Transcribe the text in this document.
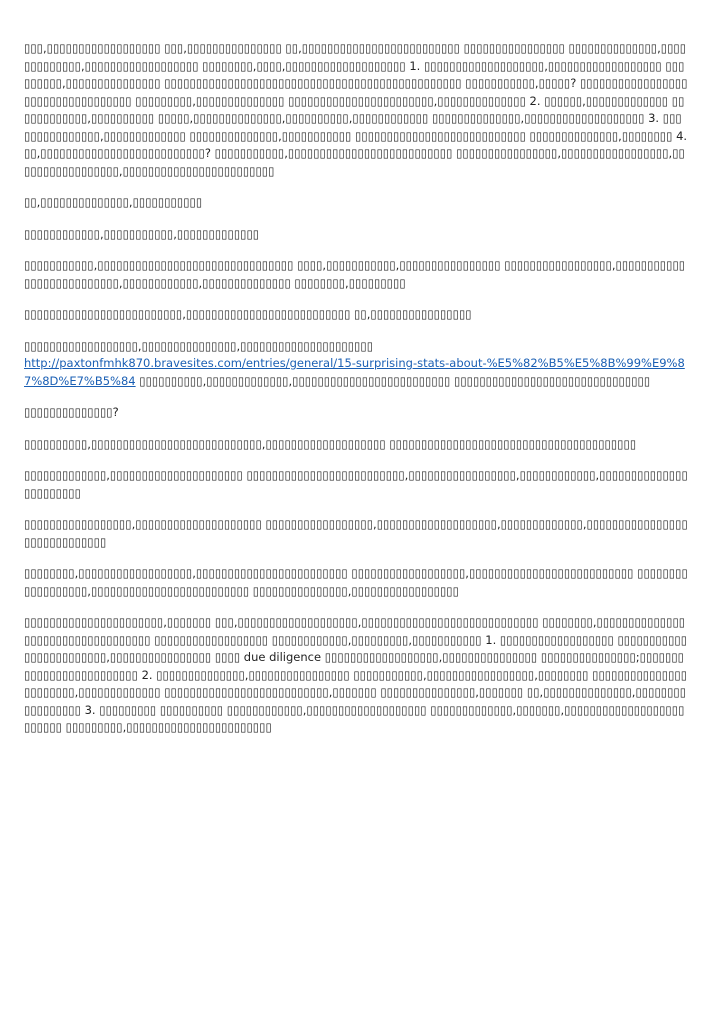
▯▯▯,▯▯▯▯▯▯▯▯▯▯▯▯▯▯▯▯▯▯ ▯▯▯,▯▯▯▯▯▯▯▯▯▯▯▯▯▯▯ ▯▯,▯▯▯▯▯▯▯▯▯▯▯▯▯▯▯▯▯▯▯▯▯▯▯▯▯ ▯▯▯▯▯▯▯▯▯▯▯▯▯▯▯▯ ▯▯▯▯▯▯▯▯▯▯▯▯▯▯,▯▯▯▯▯▯▯▯▯▯▯▯▯,▯▯▯▯▯▯▯▯▯▯▯▯▯▯▯▯▯▯ ▯▯▯▯▯▯▯▯,▯▯▯▯,▯▯▯▯▯▯▯▯▯▯▯▯▯▯▯▯▯▯▯ 1. ▯▯▯▯▯▯▯▯▯▯▯▯▯▯▯▯▯▯▯,▯▯▯▯▯▯▯▯▯▯▯▯▯▯▯▯▯▯ ▯▯▯▯▯▯▯▯▯,▯▯▯▯▯▯▯▯▯▯▯▯▯▯▯ ▯▯▯▯▯▯▯▯▯▯▯▯▯▯▯▯▯▯▯▯▯▯▯▯▯▯▯▯▯▯▯▯▯▯▯▯▯▯▯▯▯▯▯▯▯▯▯ ▯▯▯▯▯▯▯▯▯▯▯,▯▯▯▯▯? ▯▯▯▯▯▯▯▯▯▯▯▯▯▯▯▯▯▯▯▯▯▯▯▯▯▯▯▯▯▯▯▯▯▯ ▯▯▯▯▯▯▯▯▯,▯▯▯▯▯▯▯▯▯▯▯▯▯▯ ▯▯▯▯▯▯▯▯▯▯▯▯▯▯▯▯▯▯▯▯▯▯▯,▯▯▯▯▯▯▯▯▯▯▯▯▯▯ 2. ▯▯▯▯▯▯,▯▯▯▯▯▯▯▯▯▯▯▯▯ ▯▯▯▯▯▯▯▯▯▯▯▯,▯▯▯▯▯▯▯▯▯▯ ▯▯▯▯▯,▯▯▯▯▯▯▯▯▯▯▯▯▯▯,▯▯▯▯▯▯▯▯▯▯,▯▯▯▯▯▯▯▯▯▯▯▯ ▯▯▯▯▯▯▯▯▯▯▯▯▯▯,▯▯▯▯▯▯▯▯▯▯▯▯▯▯▯▯▯▯▯ 3. ▯▯▯▯▯▯▯▯▯▯▯▯▯▯▯,▯▯▯▯▯▯▯▯▯▯▯▯▯ ▯▯▯▯▯▯▯▯▯▯▯▯▯▯,▯▯▯▯▯▯▯▯▯▯▯ ▯▯▯▯▯▯▯▯▯▯▯▯▯▯▯▯▯▯▯▯▯▯▯▯▯▯▯ ▯▯▯▯▯▯▯▯▯▯▯▯▯▯,▯▯▯▯▯▯▯▯ 4. ▯▯,▯▯▯▯▯▯▯▯▯▯▯▯▯▯▯▯▯▯▯▯▯▯▯▯▯▯? ▯▯▯▯▯▯▯▯▯▯▯,▯▯▯▯▯▯▯▯▯▯▯▯▯▯▯▯▯▯▯▯▯▯▯▯▯▯ ▯▯▯▯▯▯▯▯▯▯▯▯▯▯▯▯,▯▯▯▯▯▯▯▯▯▯▯▯▯▯▯▯▯,▯▯▯▯▯▯▯▯▯▯▯▯▯▯▯▯▯,▯▯▯▯▯▯▯▯▯▯▯▯▯▯▯▯▯▯▯▯▯▯▯▯

▯▯,▯▯▯▯▯▯▯▯▯▯▯▯▯▯,▯▯▯▯▯▯▯▯▯▯▯

▯▯▯▯▯▯▯▯▯▯▯▯,▯▯▯▯▯▯▯▯▯▯▯,▯▯▯▯▯▯▯▯▯▯▯▯▯

▯▯▯▯▯▯▯▯▯▯▯,▯▯▯▯▯▯▯▯▯▯▯▯▯▯▯▯▯▯▯▯▯▯▯▯▯▯▯▯▯▯▯ ▯▯▯▯,▯▯▯▯▯▯▯▯▯▯▯,▯▯▯▯▯▯▯▯▯▯▯▯▯▯▯▯ ▯▯▯▯▯▯▯▯▯▯▯▯▯▯▯▯▯,▯▯▯▯▯▯▯▯▯▯▯▯▯▯▯▯▯▯▯▯▯▯▯▯▯▯,▯▯▯▯▯▯▯▯▯▯▯▯,▯▯▯▯▯▯▯▯▯▯▯▯▯▯ ▯▯▯▯▯▯▯▯,▯▯▯▯▯▯▯▯▯

▯▯▯▯▯▯▯▯▯▯▯▯▯▯▯▯▯▯▯▯▯▯▯▯▯,▯▯▯▯▯▯▯▯▯▯▯▯▯▯▯▯▯▯▯▯▯▯▯▯▯▯ ▯▯,▯▯▯▯▯▯▯▯▯▯▯▯▯▯▯▯

▯▯▯▯▯▯▯▯▯▯▯▯▯▯▯▯▯▯,▯▯▯▯▯▯▯▯▯▯▯▯▯▯▯,▯▯▯▯▯▯▯▯▯▯▯▯▯▯▯▯▯▯▯▯▯
http://paxtonfmhk870.bravesites.com/entries/general/15-surprising-stats-about-%E5%82%B5%E5%8B%99%E9%87%8D%E7%B5%84 ▯▯▯▯▯▯▯▯▯▯,▯▯▯▯▯▯▯▯▯▯▯▯▯,▯▯▯▯▯▯▯▯▯▯▯▯▯▯▯▯▯▯▯▯▯▯▯▯▯ ▯▯▯▯▯▯▯▯▯▯▯▯▯▯▯▯▯▯▯▯▯▯▯▯▯▯▯▯▯▯▯

▯▯▯▯▯▯▯▯▯▯▯▯▯▯?

▯▯▯▯▯▯▯▯▯▯,▯▯▯▯▯▯▯▯▯▯▯▯▯▯▯▯▯▯▯▯▯▯▯▯▯▯▯,▯▯▯▯▯▯▯▯▯▯▯▯▯▯▯▯▯▯▯ ▯▯▯▯▯▯▯▯▯▯▯▯▯▯▯▯▯▯▯▯▯▯▯▯▯▯▯▯▯▯▯▯▯▯▯▯▯▯▯

▯▯▯▯▯▯▯▯▯▯▯▯▯,▯▯▯▯▯▯▯▯▯▯▯▯▯▯▯▯▯▯▯▯▯ ▯▯▯▯▯▯▯▯▯▯▯▯▯▯▯▯▯▯▯▯▯▯▯▯▯,▯▯▯▯▯▯▯▯▯▯▯▯▯▯▯▯▯,▯▯▯▯▯▯▯▯▯▯▯▯,▯▯▯▯▯▯▯▯▯▯▯▯▯▯▯▯▯▯▯▯▯▯▯

▯▯▯▯▯▯▯▯▯▯▯▯▯▯▯▯▯,▯▯▯▯▯▯▯▯▯▯▯▯▯▯▯▯▯▯▯▯ ▯▯▯▯▯▯▯▯▯▯▯▯▯▯▯▯▯,▯▯▯▯▯▯▯▯▯▯▯▯▯▯▯▯▯▯▯,▯▯▯▯▯▯▯▯▯▯▯▯▯,▯▯▯▯▯▯▯▯▯▯▯▯▯▯▯▯▯▯▯▯▯▯▯▯▯▯▯▯▯

▯▯▯▯▯▯▯▯,▯▯▯▯▯▯▯▯▯▯▯▯▯▯▯▯▯▯,▯▯▯▯▯▯▯▯▯▯▯▯▯▯▯▯▯▯▯▯▯▯▯▯ ▯▯▯▯▯▯▯▯▯▯▯▯▯▯▯▯▯▯,▯▯▯▯▯▯▯▯▯▯▯▯▯▯▯▯▯▯▯▯▯▯▯▯▯▯ ▯▯▯▯▯▯▯▯▯▯▯▯▯▯▯▯▯▯,▯▯▯▯▯▯▯▯▯▯▯▯▯▯▯▯▯▯▯▯▯▯▯▯▯ ▯▯▯▯▯▯▯▯▯▯▯▯▯▯▯,▯▯▯▯▯▯▯▯▯▯▯▯▯▯▯▯▯

▯▯▯▯▯▯▯▯▯▯▯▯▯▯▯▯▯▯▯▯▯▯,▯▯▯▯▯▯▯ ▯▯▯,▯▯▯▯▯▯▯▯▯▯▯▯▯▯▯▯▯▯▯,▯▯▯▯▯▯▯▯▯▯▯▯▯▯▯▯▯▯▯▯▯▯▯▯▯▯▯▯ ▯▯▯▯▯▯▯▯,▯▯▯▯▯▯▯▯▯▯▯▯▯▯▯▯▯▯▯▯▯▯▯▯▯▯▯▯▯▯▯▯▯▯ ▯▯▯▯▯▯▯▯▯▯▯▯▯▯▯▯▯▯ ▯▯▯▯▯▯▯▯▯▯▯▯,▯▯▯▯▯▯▯▯▯,▯▯▯▯▯▯▯▯▯▯▯ 1. ▯▯▯▯▯▯▯▯▯▯▯▯▯▯▯▯▯▯ ▯▯▯▯▯▯▯▯▯▯▯▯▯▯▯▯▯▯▯▯▯▯▯▯,▯▯▯▯▯▯▯▯▯▯▯▯▯▯▯▯ ▯▯▯▯ due diligence ▯▯▯▯▯▯▯▯▯▯▯▯▯▯▯▯▯▯,▯▯▯▯▯▯▯▯▯▯▯▯▯▯▯ ▯▯▯▯▯▯▯▯▯▯▯▯▯▯▯;▯▯▯▯▯▯▯▯▯▯▯▯▯▯▯▯▯▯▯▯▯▯▯▯▯ 2. ▯▯▯▯▯▯▯▯▯▯▯▯▯▯,▯▯▯▯▯▯▯▯▯▯▯▯▯▯▯▯ ▯▯▯▯▯▯▯▯▯▯▯,▯▯▯▯▯▯▯▯▯▯▯▯▯▯▯▯▯,▯▯▯▯▯▯▯▯ ▯▯▯▯▯▯▯▯▯▯▯▯▯▯▯▯▯▯▯▯▯▯▯,▯▯▯▯▯▯▯▯▯▯▯▯▯ ▯▯▯▯▯▯▯▯▯▯▯▯▯▯▯▯▯▯▯▯▯▯▯▯▯▯,▯▯▯▯▯▯▯ ▯▯▯▯▯▯▯▯▯▯▯▯▯▯▯,▯▯▯▯▯▯▯ ▯▯,▯▯▯▯▯▯▯▯▯▯▯▯▯▯,▯▯▯▯▯▯▯▯▯▯▯▯▯▯▯▯▯ 3. ▯▯▯▯▯▯▯▯▯ ▯▯▯▯▯▯▯▯▯▯ ▯▯▯▯▯▯▯▯▯▯▯▯,▯▯▯▯▯▯▯▯▯▯▯▯▯▯▯▯▯▯▯ ▯▯▯▯▯▯▯▯▯▯▯▯▯,▯▯▯▯▯▯▯,▯▯▯▯▯▯▯▯▯▯▯▯▯▯▯▯▯▯▯▯▯▯▯▯▯ ▯▯▯▯▯▯▯▯▯,▯▯▯▯▯▯▯▯▯▯▯▯▯▯▯▯▯▯▯▯▯▯▯
